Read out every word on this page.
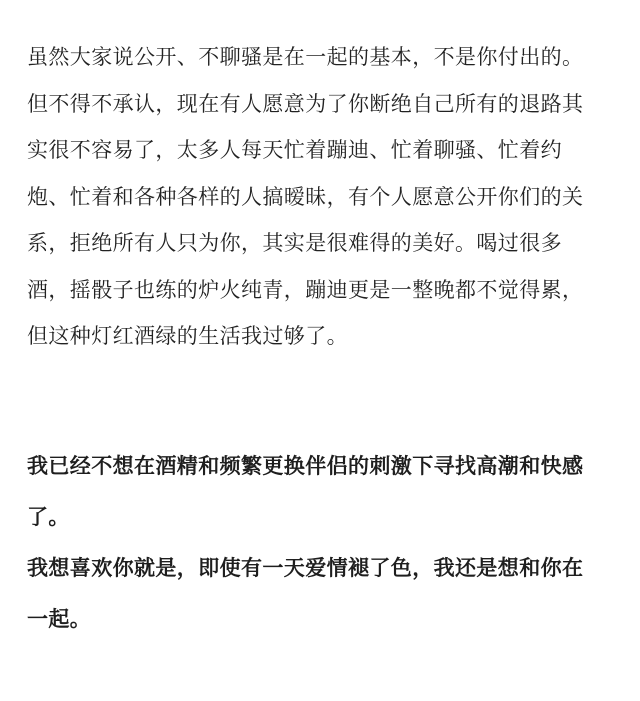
虽然大家说公开、不聊骚是在一起的基本，不是你付出的。
但不得不承认，现在有人愿意为了你断绝自己所有的退路其
实很不容易了，太多人每天忙着蹦迪、忙着聊骚、忙着约
炮、忙着和各种各样的人搞暧昧，有个人愿意公开你们的关
系，拒绝所有人只为你，其实是很难得的美好。喝过很多
酒，摇骰子也练的炉火纯青，蹦迪更是一整晚都不觉得累，
但这种灯红酒绿的生活我过够了。
我已经不想在酒精和频繁更换伴侣的刺激下寻找高潮和快感
了。
我想喜欢你就是，即使有一天爱情褪了色，我还是想和你在
一起。
